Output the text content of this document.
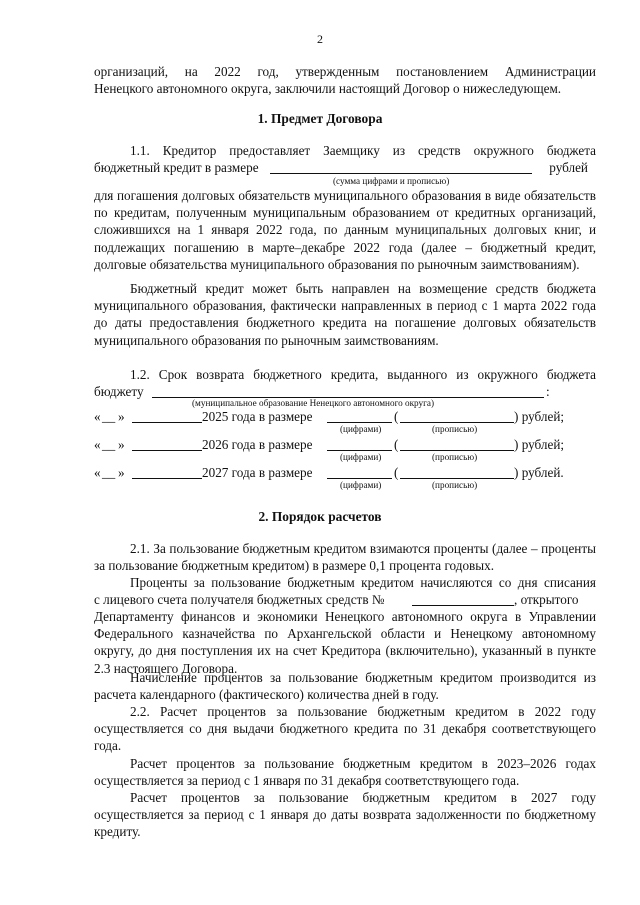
2
организаций, на 2022 год, утвержденным постановлением Администрации
Ненецкого автономного округа, заключили настоящий Договор о нижеследующем.
1. Предмет Договора
1.1. Кредитор предоставляет Заемщику из средств окружного бюджета
бюджетный кредит в размере	рублей
(сумма цифрами и прописью)
для погашения долговых обязательств муниципального образования в виде обязательств по кредитам, полученным муниципальным образованием от кредитных организаций, сложившихся на 1 января 2022 года, по данным муниципальных долговых книг, и подлежащих погашению в марте–декабре 2022 года (далее – бюджетный кредит, долговые обязательства муниципального образования по рыночным заимствованиям).
Бюджетный кредит может быть направлен на возмещение средств бюджета муниципального образования, фактически направленных в период с 1 марта 2022 года до даты предоставления бюджетного кредита на погашение долговых обязательств муниципального образования по рыночным заимствованиям.
1.2. Срок возврата бюджетного кредита, выданного из окружного бюджета
бюджету	:
(муниципальное образование Ненецкого автономного округа)
« __ »	2025 года в размере	(	) рублей;
(цифрами)	(прописью)
« __ »	2026 года в размере	(	) рублей;
(цифрами)	(прописью)
« __ »	2027 года в размере	(	) рублей.
(цифрами)	(прописью)
2. Порядок расчетов
2.1. За пользование бюджетным кредитом взимаются проценты (далее – проценты за пользование бюджетным кредитом) в размере 0,1 процента годовых.
Проценты за пользование бюджетным кредитом начисляются со дня списания
с лицевого счета получателя бюджетных средств №	, открытого
Департаменту финансов и экономики Ненецкого автономного округа в Управлении Федерального казначейства по Архангельской области и Ненецкому автономному округу, до дня поступления их на счет Кредитора (включительно), указанный в пункте 2.3 настоящего Договора.
Начисление процентов за пользование бюджетным кредитом производится из расчета календарного (фактического) количества дней в году.
2.2. Расчет процентов за пользование бюджетным кредитом в 2022 году осуществляется со дня выдачи бюджетного кредита по 31 декабря соответствующего года.
Расчет процентов за пользование бюджетным кредитом в 2023–2026 годах осуществляется за период с 1 января по 31 декабря соответствующего года.
Расчет процентов за пользование бюджетным кредитом в 2027 году осуществляется за период с 1 января до даты возврата задолженности по бюджетному кредиту.
